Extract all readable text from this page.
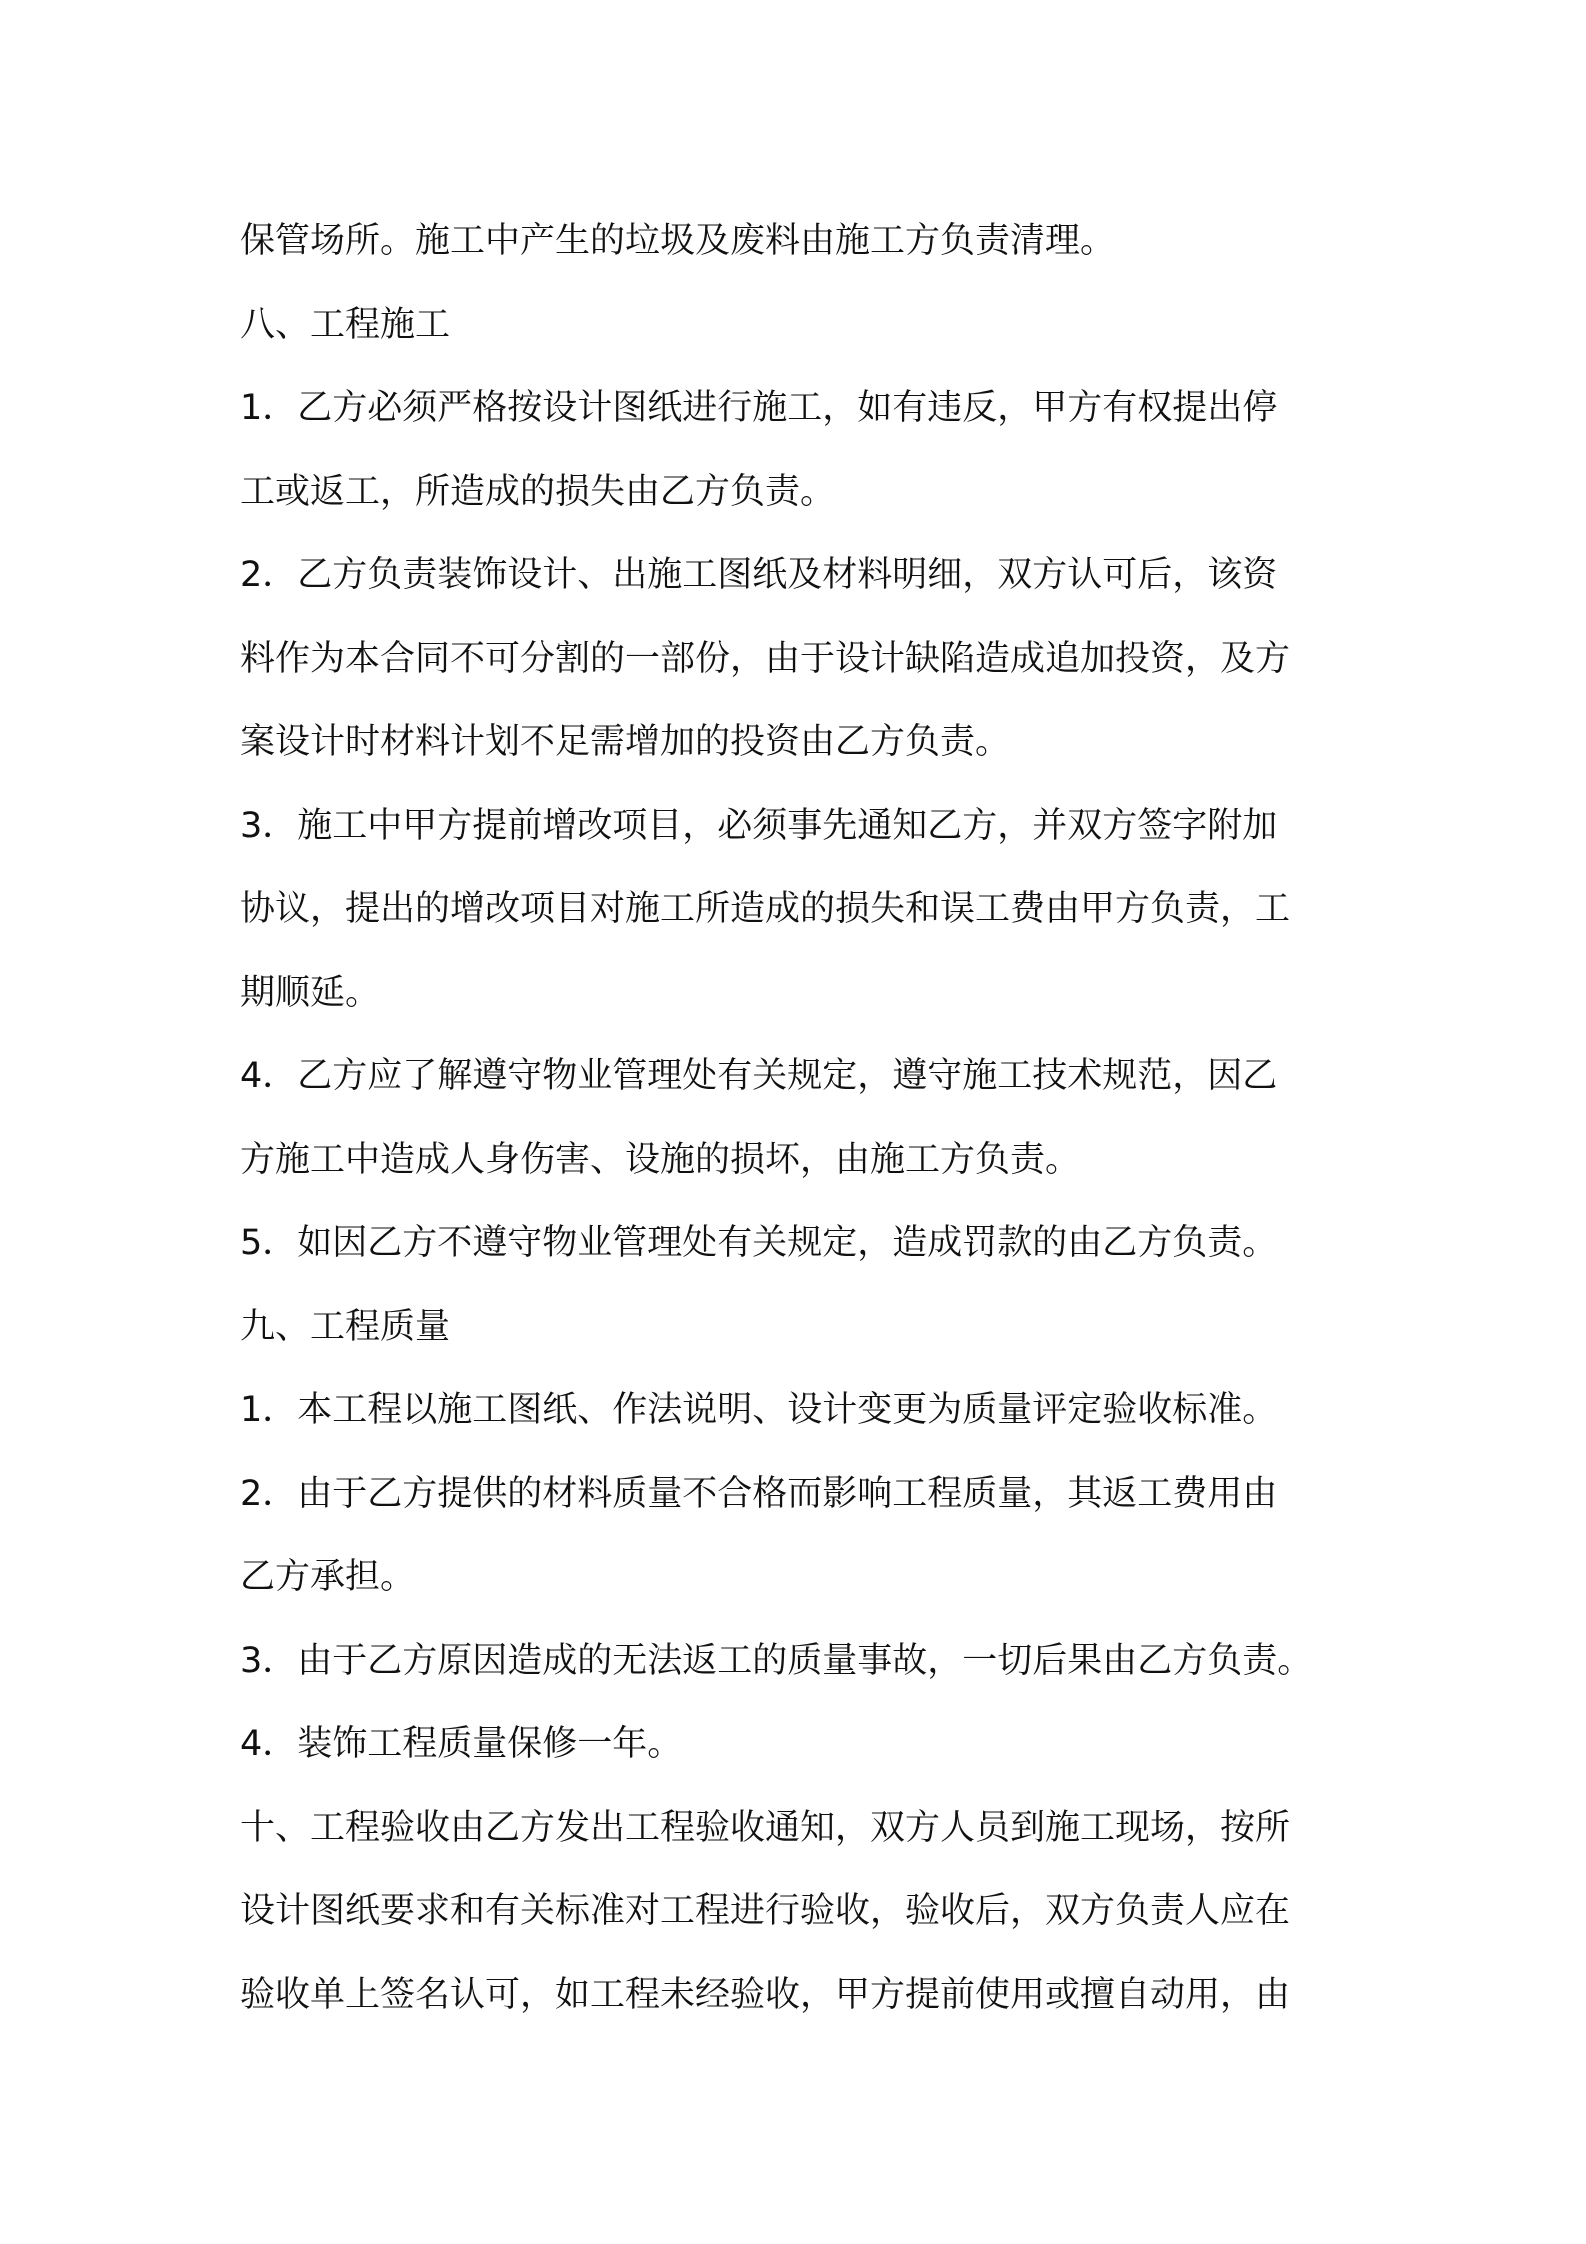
保管场所。施工中产生的垃圾及废料由施工方负责清理。
八、工程施工
1．乙方必须严格按设计图纸进行施工，如有违反，甲方有权提出停
工或返工，所造成的损失由乙方负责。
2．乙方负责装饰设计、出施工图纸及材料明细，双方认可后，该资
料作为本合同不可分割的一部份，由于设计缺陷造成追加投资，及方
案设计时材料计划不足需增加的投资由乙方负责。
3．施工中甲方提前增改项目，必须事先通知乙方，并双方签字附加
协议，提出的增改项目对施工所造成的损失和误工费由甲方负责，工
期顺延。
4．乙方应了解遵守物业管理处有关规定，遵守施工技术规范，因乙
方施工中造成人身伤害、设施的损坏，由施工方负责。
5．如因乙方不遵守物业管理处有关规定，造成罚款的由乙方负责。
九、工程质量
1．本工程以施工图纸、作法说明、设计变更为质量评定验收标准。
2．由于乙方提供的材料质量不合格而影响工程质量，其返工费用由
乙方承担。
3．由于乙方原因造成的无法返工的质量事故，一切后果由乙方负责。
4．装饰工程质量保修一年。
十、工程验收由乙方发出工程验收通知，双方人员到施工现场，按所
设计图纸要求和有关标准对工程进行验收，验收后，双方负责人应在
验收单上签名认可，如工程未经验收，甲方提前使用或擅自动用，由
